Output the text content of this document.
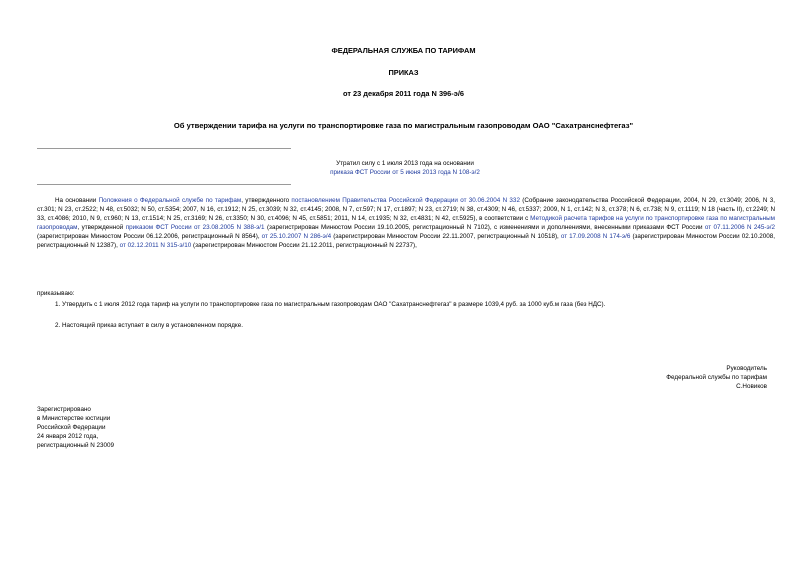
ФЕДЕРАЛЬНАЯ СЛУЖБА ПО ТАРИФАМ
ПРИКАЗ
от 23 декабря 2011 года N 396-э/6
Об утверждении тарифа на услуги по транспортировке газа по магистральным газопроводам ОАО "Сахатранснефтегаз"
Утратил силу с 1 июля 2013 года на основании
приказа ФСТ России от 5 июня 2013 года N 108-э/2
На основании Положения о Федеральной службе по тарифам, утвержденного постановлением Правительства Российской Федерации от 30.06.2004 N 332 (Собрание законодательства Российской Федерации, 2004, N 29, ст.3049; 2006, N 3, ст.301; N 23, ст.2522; N 48, ст.5032; N 50, ст.5354; 2007, N 16, ст.1912; N 25, ст.3039; N 32, ст.4145; 2008, N 7, ст.597; N 17, ст.1897; N 23, ст.2719; N 38, ст.4309; N 46, ст.5337; 2009, N 1, ст.142; N 3, ст.378; N 6, ст.738; N 9, ст.1119; N 18 (часть II), ст.2249; N 33, ст.4086; 2010, N 9, ст.960; N 13, ст.1514; N 25, ст.3169; N 26, ст.3350; N 30, ст.4096; N 45, ст.5851; 2011, N 14, ст.1935; N 32, ст.4831; N 42, ст.5925), в соответствии с Методикой расчета тарифов на услуги по транспортировке газа по магистральным газопроводам, утвержденной приказом ФСТ России от 23.08.2005 N 388-э/1 (зарегистрирован Минюстом России 19.10.2005, регистрационный N 7102), с изменениями и дополнениями, внесенными приказами ФСТ России от 07.11.2006 N 245-э/2 (зарегистрирован Минюстом России 06.12.2006, регистрационный N 8564), от 25.10.2007 N 286-э/4 (зарегистрирован Минюстом России 22.11.2007, регистрационный N 10518), от 17.09.2008 N 174-э/6 (зарегистрирован Минюстом России 02.10.2008, регистрационный N 12387), от 02.12.2011 N 315-э/10 (зарегистрирован Минюстом России 21.12.2011, регистрационный N 22737),
приказываю:
1. Утвердить с 1 июля 2012 года тариф на услуги по транспортировке газа по магистральным газопроводам ОАО "Сахатранснефтегаз" в размере 1039,4 руб. за 1000 куб.м газа (без НДС).
2. Настоящий приказ вступает в силу в установленном порядке.
Руководитель
Федеральной службы по тарифам
С.Новиков
Зарегистрировано
в Министерстве юстиции
Российской Федерации
24 января 2012 года,
регистрационный N 23009
